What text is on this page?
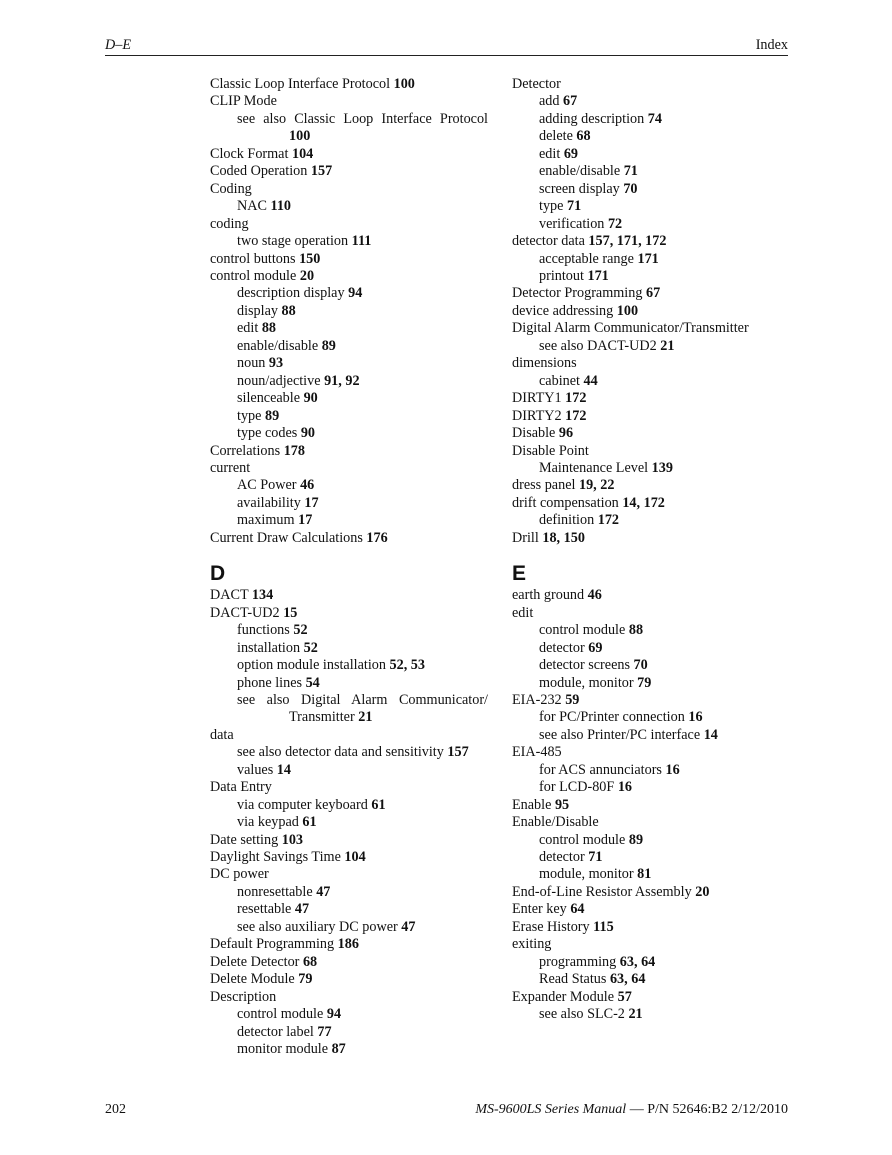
D–E	Index
Classic Loop Interface Protocol 100
CLIP Mode
see also Classic Loop Interface Protocol
100
Clock Format 104
Coded Operation 157
Coding
NAC 110
coding
two stage operation 111
control buttons 150
control module 20
description display 94
display 88
edit 88
enable/disable 89
noun 93
noun/adjective 91, 92
silenceable 90
type 89
type codes 90
Correlations 178
current
AC Power 46
availability 17
maximum 17
Current Draw Calculations 176
D
DACT 134
DACT-UD2 15
functions 52
installation 52
option module installation 52, 53
phone lines 54
see also Digital Alarm Communicator/
Transmitter 21
data
see also detector data and sensitivity 157
values 14
Data Entry
via computer keyboard 61
via keypad 61
Date setting 103
Daylight Savings Time 104
DC power
nonresettable 47
resettable 47
see also auxiliary DC power 47
Default Programming 186
Delete Detector 68
Delete Module 79
Description
control module 94
detector label 77
monitor module 87
Detector
add 67
adding description 74
delete 68
edit 69
enable/disable 71
screen display 70
type 71
verification 72
detector data 157, 171, 172
acceptable range 171
printout 171
Detector Programming 67
device addressing 100
Digital Alarm Communicator/Transmitter
see also DACT-UD2 21
dimensions
cabinet 44
DIRTY1 172
DIRTY2 172
Disable 96
Disable Point
Maintenance Level 139
dress panel 19, 22
drift compensation 14, 172
definition 172
Drill 18, 150
E
earth ground 46
edit
control module 88
detector 69
detector screens 70
module, monitor 79
EIA-232 59
for PC/Printer connection 16
see also Printer/PC interface 14
EIA-485
for ACS annunciators 16
for LCD-80F 16
Enable 95
Enable/Disable
control module 89
detector 71
module, monitor 81
End-of-Line Resistor Assembly 20
Enter key 64
Erase History 115
exiting
programming 63, 64
Read Status 63, 64
Expander Module 57
see also SLC-2 21
202	MS-9600LS Series Manual — P/N 52646:B2 2/12/2010
